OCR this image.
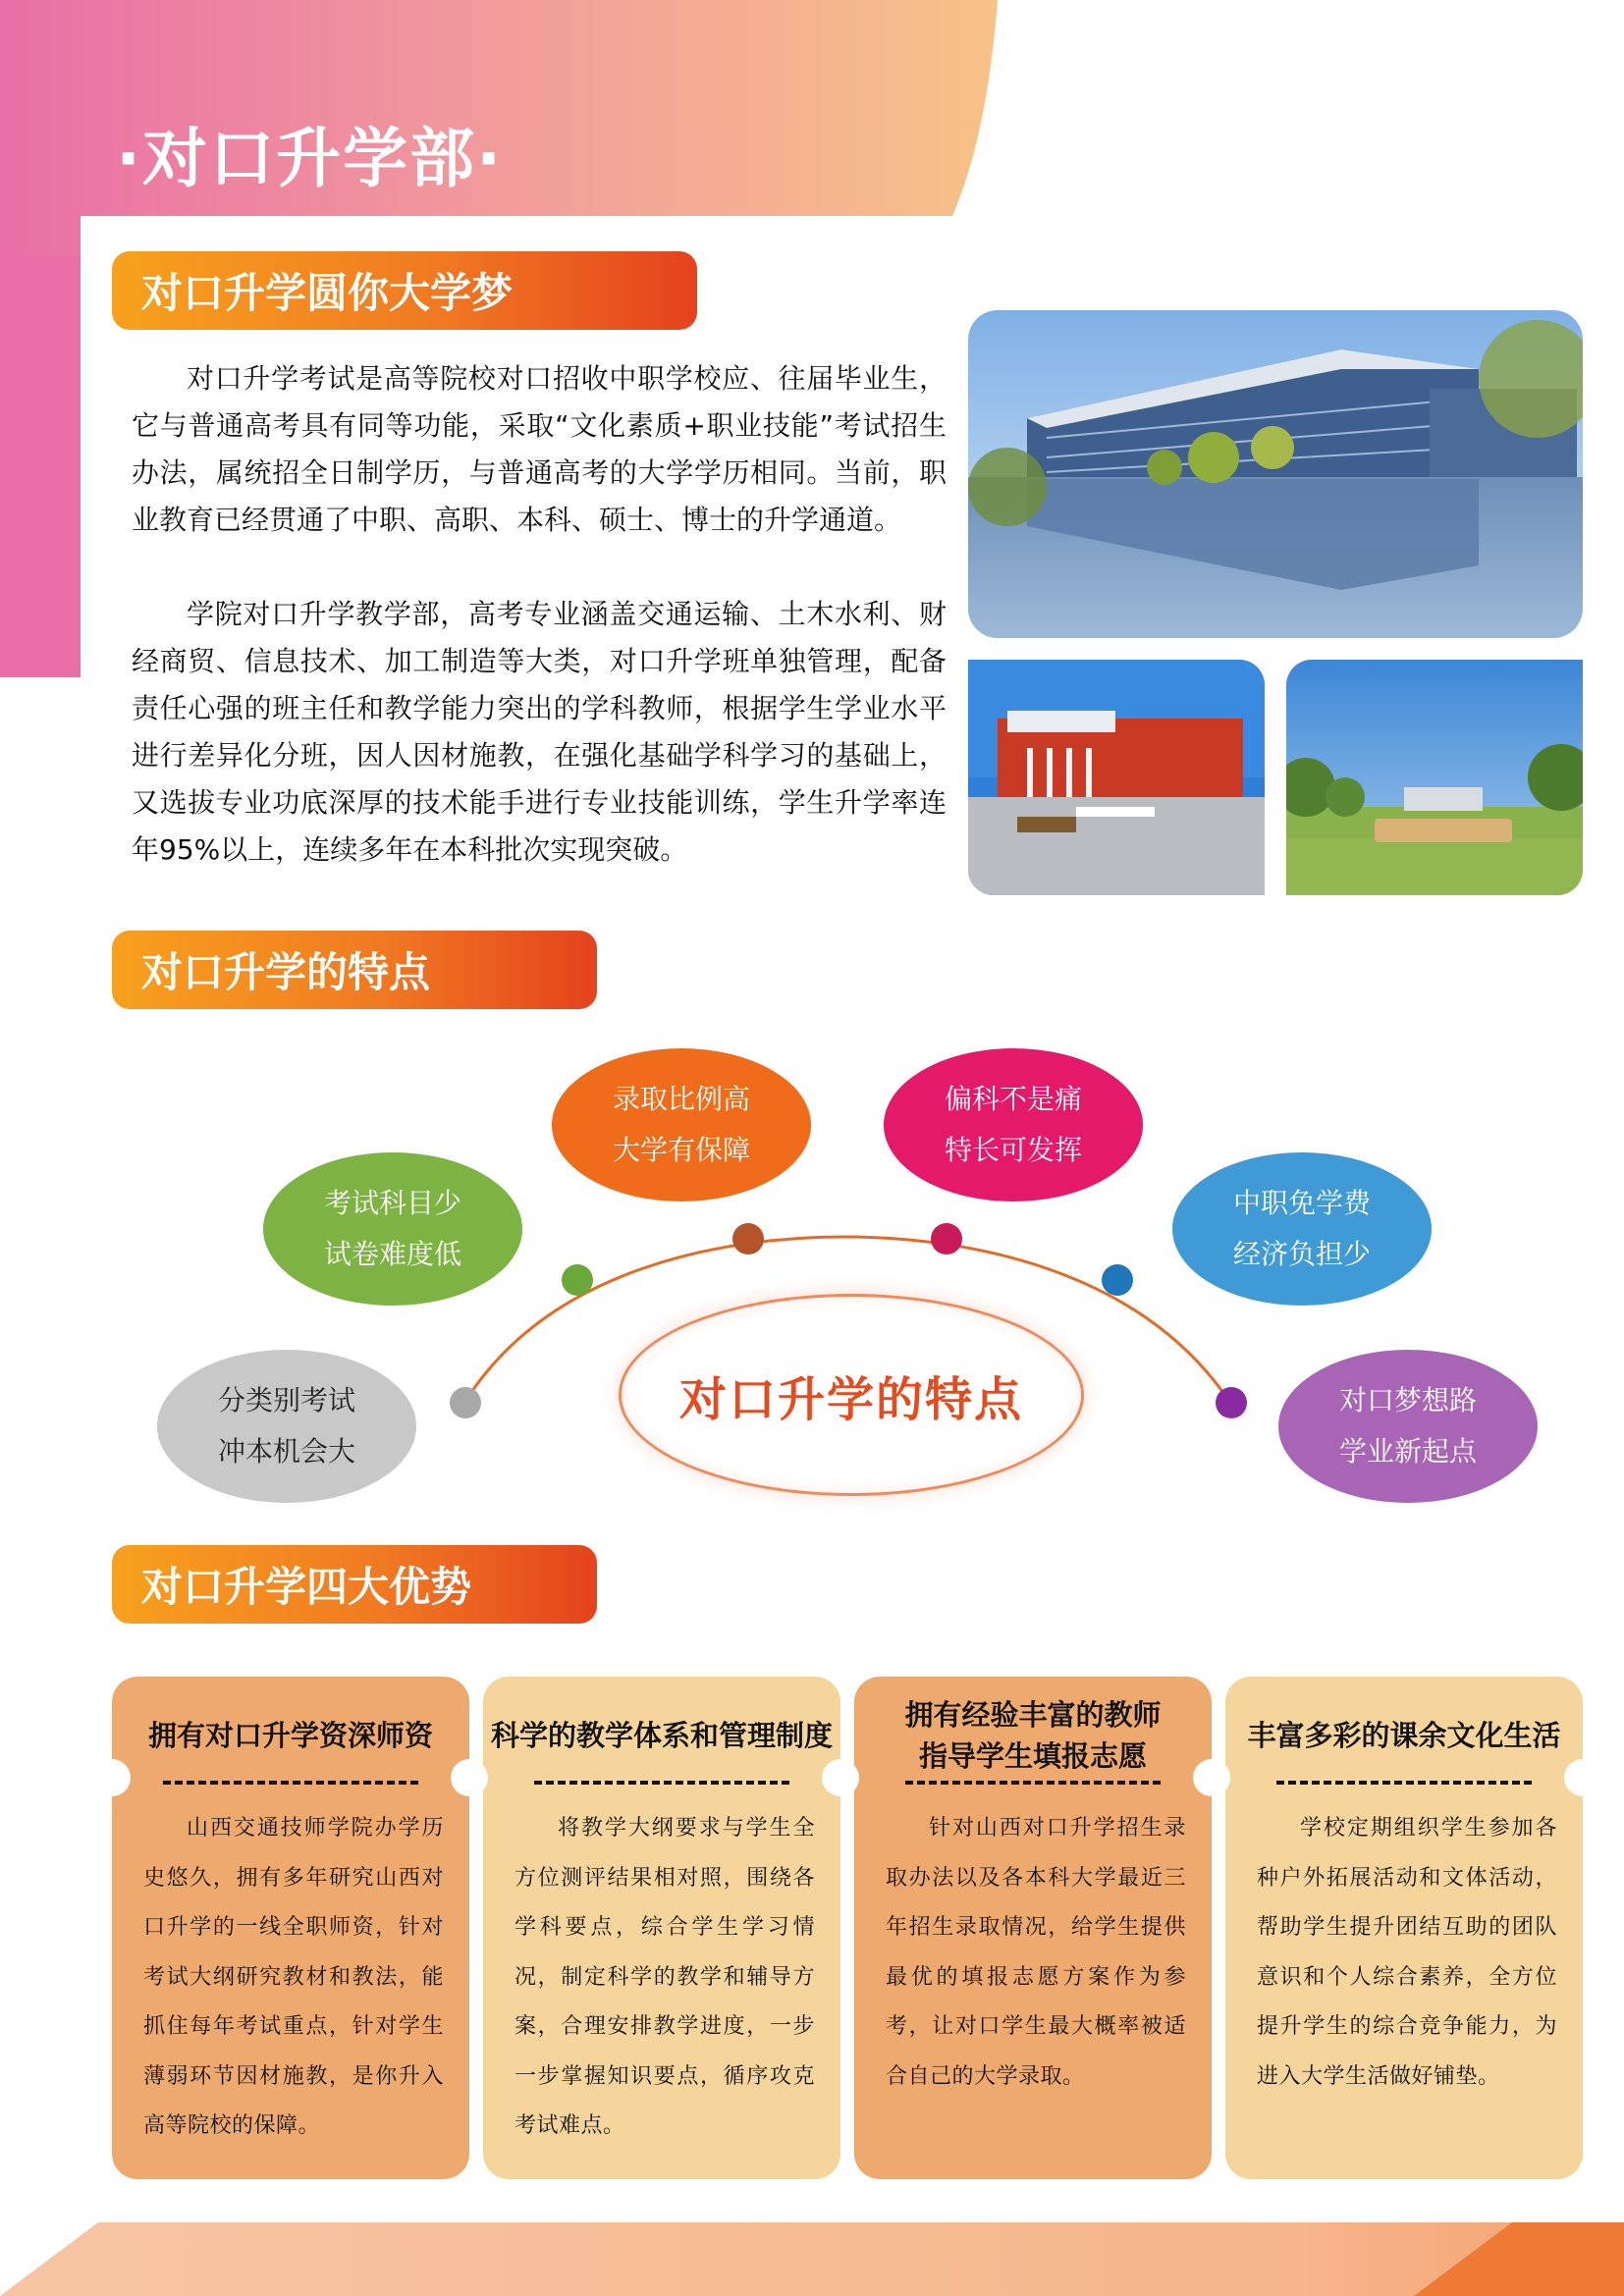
·对口升学部·
对口升学圆你大学梦
对口升学考试是高等院校对口招收中职学校应、往届毕业生，它与普通高考具有同等功能，采取“文化素质+职业技能”考试招生办法，属统招全日制学历，与普通高考的大学学历相同。当前，职业教育已经贯通了中职、高职、本科、硕士、博士的升学通道。
学院对口升学教学部，高考专业涵盖交通运输、土木水利、财经商贸、信息技术、加工制造等大类，对口升学班单独管理，配备责任心强的班主任和教学能力突出的学科教师，根据学生学业水平进行差异化分班，因人因材施教，在强化基础学科学习的基础上，又选拔专业功底深厚的技术能手进行专业技能训练，学生升学率连年95%以上，连续多年在本科批次实现突破。
对口升学的特点
分类别考试
冲本机会大
考试科目少
试卷难度低
录取比例高
大学有保障
偏科不是痛
特长可发挥
中职免学费
经济负担少
对口梦想路
学业新起点
对口升学的特点
对口升学四大优势
拥有对口升学资深师资
山西交通技师学院办学历史悠久，拥有多年研究山西对口升学的一线全职师资，针对考试大纲研究教材和教法，能抓住每年考试重点，针对学生薄弱环节因材施教，是你升入高等院校的保障。
科学的教学体系和管理制度
将教学大纲要求与学生全方位测评结果相对照，围绕各学科要点，综合学生学习情况，制定科学的教学和辅导方案，合理安排教学进度，一步一步掌握知识要点，循序攻克考试难点。
拥有经验丰富的教师指导学生填报志愿
针对山西对口升学招生录取办法以及各本科大学最近三年招生录取情况，给学生提供最优的填报志愿方案作为参考，让对口学生最大概率被适合自己的大学录取。
丰富多彩的课余文化生活
学校定期组织学生参加各种户外拓展活动和文体活动，帮助学生提升团结互助的团队意识和个人综合素养，全方位提升学生的综合竞争能力，为进入大学生活做好铺垫。
